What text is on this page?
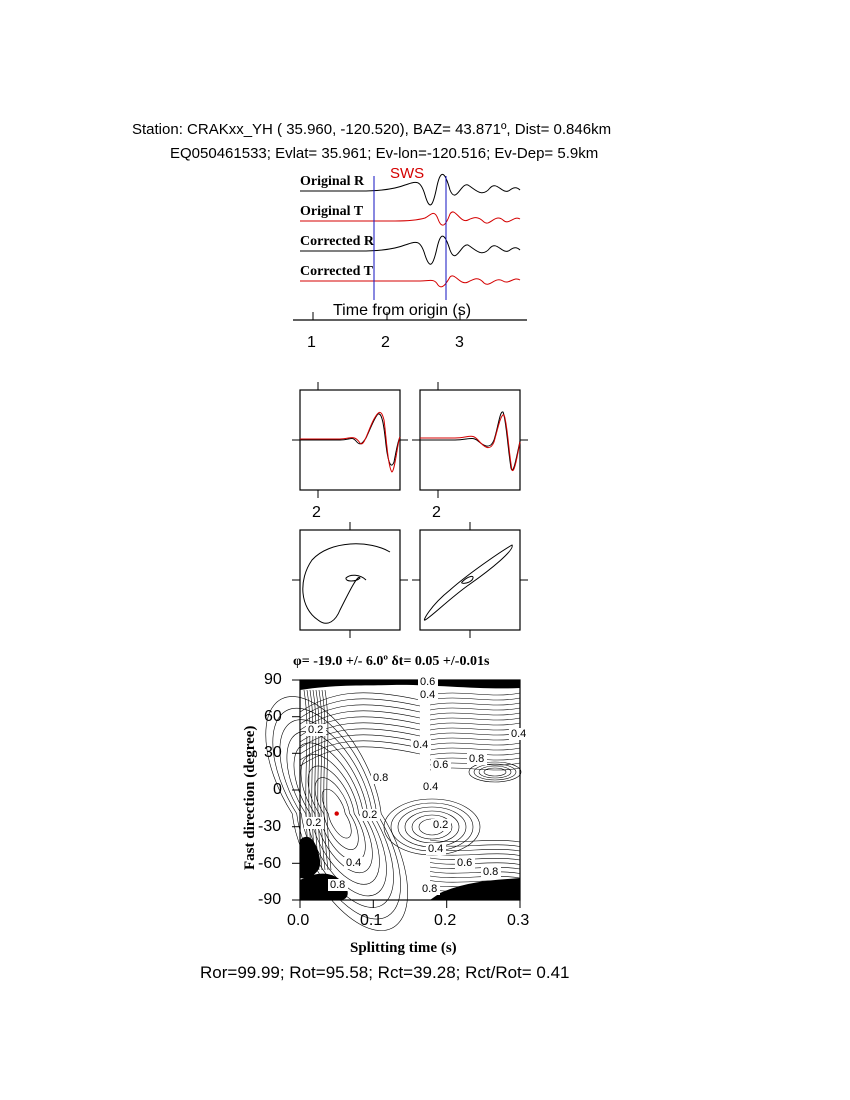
Station: CRAKxx_YH ( 35.960, -120.520), BAZ= 43.871º, Dist= 0.846km
EQ050461533; Evlat= 35.961; Ev-lon=-120.516; Ev-Dep= 5.9km
Original R
Original T
Corrected R
Corrected T
SWS
Time from origin (s)
1	2	3
2	2
φ= -19.0 +/- 6.0º δt= 0.05 +/-0.01s
90
60
30
0
-30
-60
-90
0.0	0.1	0.2	0.3
Splitting time (s)
Fast direction (degree)
Ror=99.99; Rot=95.58; Rct=39.28; Rct/Rot= 0.41
0.6
0.4
0.2
0.4
0.4
0.8
0.6 0.8
0.4
0.2	0.2
0.4
0.6
0.8
0.4
0.8	0.8
0.2
